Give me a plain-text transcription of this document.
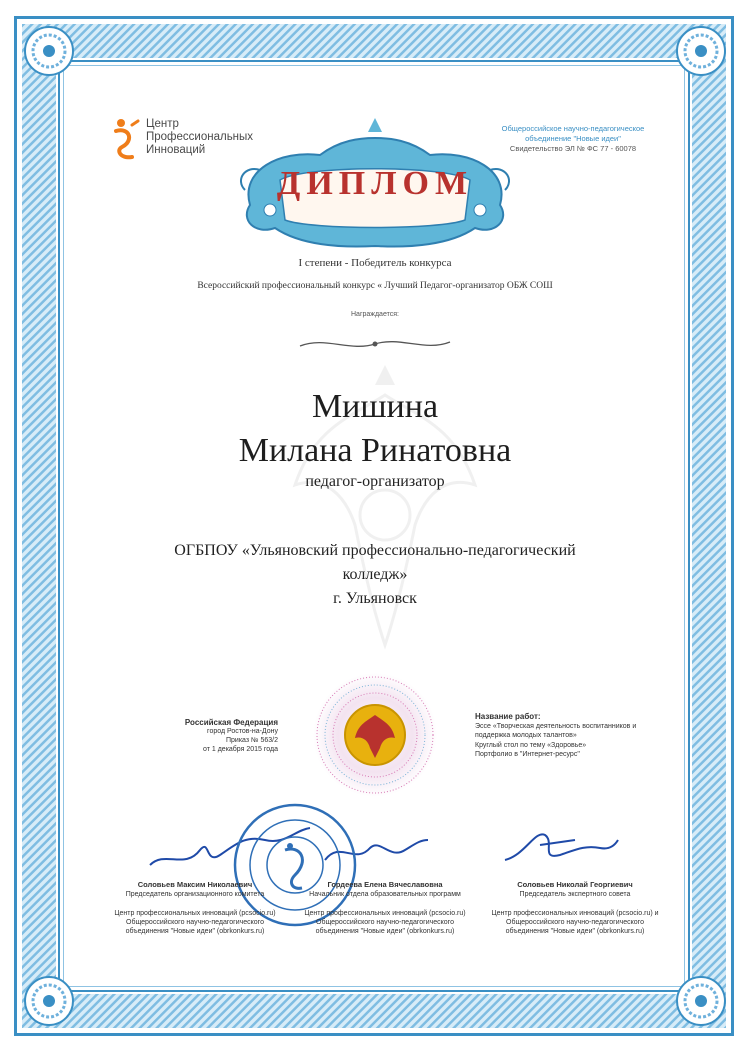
Центр
Профессиональных
Инноваций
Общероссийское научно-педагогическое
объединение "Новые идеи"
Свидетельство ЭЛ № ФС 77 - 60078
ДИПЛОМ
I степени - Победитель конкурса
Всероссийский профессиональный конкурс « Лучший Педагог-организатор ОБЖ СОШ
Награждается:
Мишина
Милана Ринатовна
педагог-организатор
ОГБПОУ «Ульяновский профессионально-педагогический
колледж»
г. Ульяновск
Российская Федерация
город Ростов-на-Дону
Приказ № 563/2
от 1 декабря 2015 года
Название работ:
Эссе «Творческая деятельность воспитанников и
поддержка молодых талантов»
Круглый стол по тему «Здоровье»
Портфолио в "Интернет-ресурс"
Соловьев Максим Николаевич
Председатель организационного комитета
Центр профессиональных инноваций (pcsocio.ru)
Общероссийского научно-педагогического
объединения "Новые идеи" (obrkonkurs.ru)
Гордеева Елена Вячеславовна
Начальник отдела образовательных программ
Центр профессиональных инноваций (pcsocio.ru)
Общероссийского научно-педагогического
объединения "Новые идеи" (obrkonkurs.ru)
Соловьев Николай Георгиевич
Председатель экспертного совета
Центр профессиональных инноваций (pcsocio.ru) и
Общероссийского научно-педагогического
объединения "Новые идеи" (obrkonkurs.ru)
